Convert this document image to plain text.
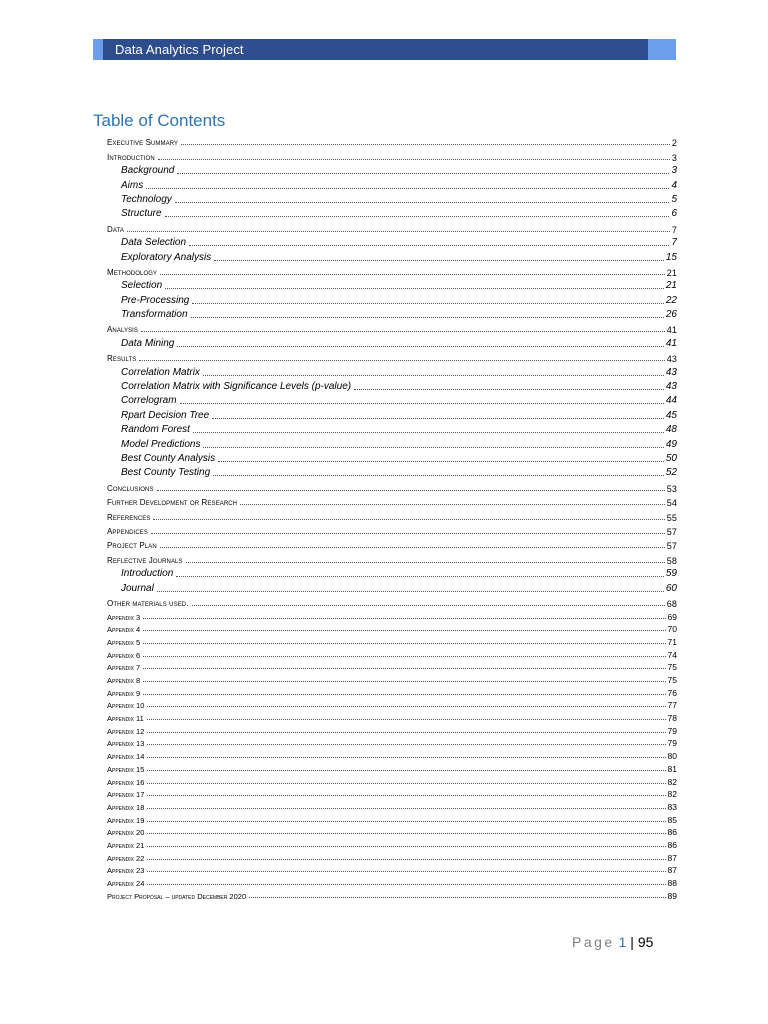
Data Analytics Project
Table of Contents
Executive Summary	2
Introduction	3
Background	3
Aims	4
Technology	5
Structure	6
Data	7
Data Selection	7
Exploratory Analysis	15
Methodology	21
Selection	21
Pre-Processing	22
Transformation	26
Analysis	41
Data Mining	41
Results	43
Correlation Matrix	43
Correlation Matrix with Significance Levels (p-value)	43
Correlogram	44
Rpart Decision Tree	45
Random Forest	48
Model Predictions	49
Best County Analysis	50
Best County Testing	52
Conclusions	53
Further Development or Research	54
References	55
Appendices	57
Project Plan	57
Reflective Journals	58
Introduction	59
Journal	60
Other materials used.	68
Appendix 3	69
Appendix 4	70
Appendix 5	71
Appendix 6	74
Appendix 7	75
Appendix 8	75
Appendix 9	76
Appendix 10	77
Appendix 11	78
Appendix 12	79
Appendix 13	79
Appendix 14	80
Appendix 15	81
Appendix 16	82
Appendix 17	82
Appendix 18	83
Appendix 19	85
Appendix 20	86
Appendix 21	86
Appendix 22	87
Appendix 23	87
Appendix 24	88
Project Proposal – updated December 2020	89
Page 1 | 95
